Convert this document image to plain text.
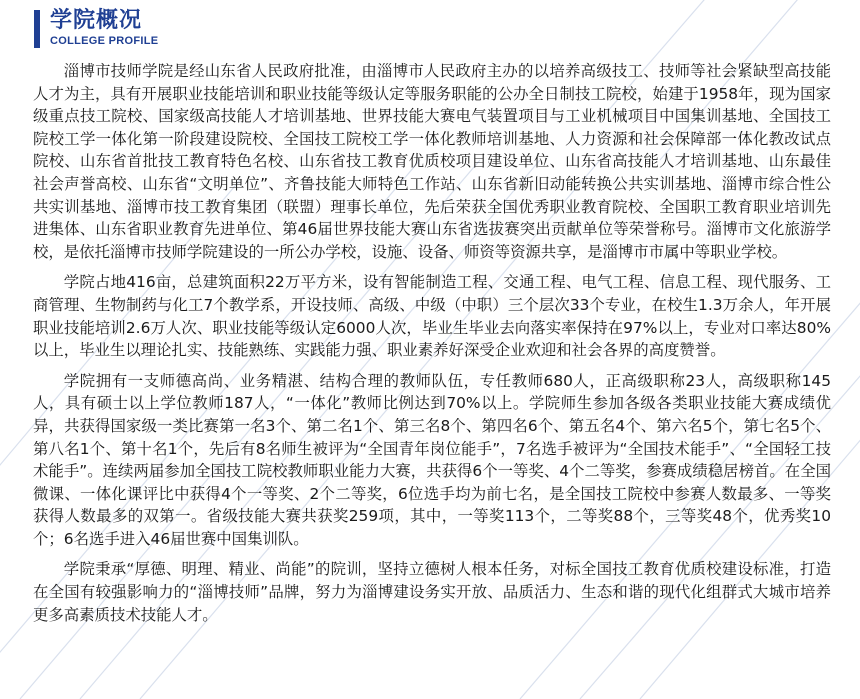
学院概况
COLLEGE PROFILE

淄博市技师学院是经山东省人民政府批准，由淄博市人民政府主办的以培养高级技工、技师等社会紧缺型高技能人才为主，具有开展职业技能培训和职业技能等级认定等服务职能的公办全日制技工院校，始建于1958年，现为国家级重点技工院校、国家级高技能人才培训基地、世界技能大赛电气装置项目与工业机械项目中国集训基地、全国技工院校工学一体化第一阶段建设院校、全国技工院校工学一体化教师培训基地、人力资源和社会保障部一体化教改试点院校、山东省首批技工教育特色名校、山东省技工教育优质校项目建设单位、山东省高技能人才培训基地、山东最佳社会声誉高校、山东省“文明单位”、齐鲁技能大师特色工作站、山东省新旧动能转换公共实训基地、淄博市综合性公共实训基地、淄博市技工教育集团（联盟）理事长单位，先后荣获全国优秀职业教育院校、全国职工教育职业培训先进集体、山东省职业教育先进单位、第46届世界技能大赛山东省选拔赛突出贡献单位等荣誉称号。淄博市文化旅游学校，是依托淄博市技师学院建设的一所公办学校，设施、设备、师资等资源共享，是淄博市市属中等职业学校。

学院占地416亩，总建筑面积22万平方米，设有智能制造工程、交通工程、电气工程、信息工程、现代服务、工商管理、生物制药与化工7个教学系，开设技师、高级、中级（中职）三个层次33个专业，在校生1.3万余人，年开展职业技能培训2.6万人次、职业技能等级认定6000人次，毕业生毕业去向落实率保持在97%以上，专业对口率达80%以上，毕业生以理论扎实、技能熟练、实践能力强、职业素养好深受企业欢迎和社会各界的高度赞誉。

学院拥有一支师德高尚、业务精湛、结构合理的教师队伍，专任教师680人，正高级职称23人，高级职称145人，具有硕士以上学位教师187人，“一体化”教师比例达到70%以上。学院师生参加各级各类职业技能大赛成绩优异，共获得国家级一类比赛第一名3个、第二名1个、第三名8个、第四名6个、第五名4个、第六名5个，第七名5个、第八名1个、第十名1个，先后有8名师生被评为“全国青年岗位能手”，7名选手被评为“全国技术能手”、“全国轻工技术能手”。连续两届参加全国技工院校教师职业能力大赛，共获得6个一等奖、4个二等奖，参赛成绩稳居榜首。在全国微课、一体化课评比中获得4个一等奖、2个二等奖，6位选手均为前七名，是全国技工院校中参赛人数最多、一等奖获得人数最多的双第一。省级技能大赛共获奖259项，其中，一等奖113个，二等奖88个，三等奖48个，优秀奖10个；6名选手进入46届世赛中国集训队。

学院秉承“厚德、明理、精业、尚能”的院训，坚持立德树人根本任务，对标全国技工教育优质校建设标准，打造在全国有较强影响力的“淄博技师”品牌，努力为淄博建设务实开放、品质活力、生态和谐的现代化组群式大城市培养更多高素质技术技能人才。
